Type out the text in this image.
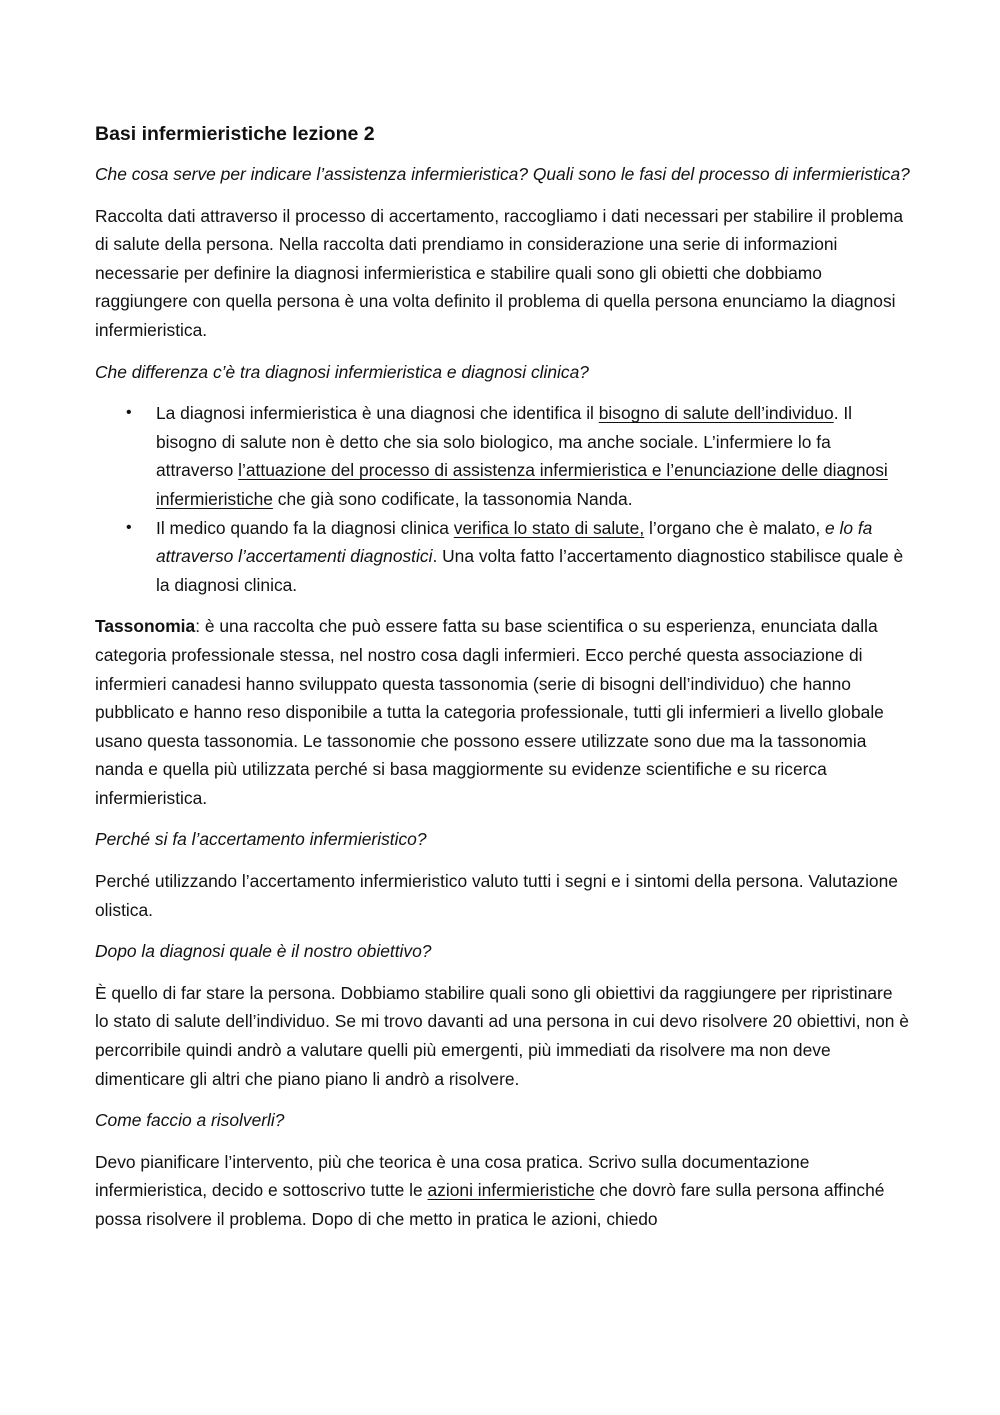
Basi infermieristiche lezione 2

Che cosa serve per indicare l’assistenza infermieristica? Quali sono le fasi del processo di infermieristica?

Raccolta dati attraverso il processo di accertamento, raccogliamo i dati necessari per stabilire il problema di salute della persona. Nella raccolta dati prendiamo in considerazione una serie di informazioni necessarie per definire la diagnosi infermieristica e stabilire quali sono gli obietti che dobbiamo raggiungere con quella persona è una volta definito il problema di quella persona enunciamo la diagnosi infermieristica.

Che differenza c’è tra diagnosi infermieristica e diagnosi clinica?

• La diagnosi infermieristica è una diagnosi che identifica il bisogno di salute dell’individuo. Il bisogno di salute non è detto che sia solo biologico, ma anche sociale. L’infermiere lo fa attraverso l’attuazione del processo di assistenza infermieristica e l’enunciazione delle diagnosi infermieristiche che già sono codificate, la tassonomia Nanda.
• Il medico quando fa la diagnosi clinica verifica lo stato di salute, l’organo che è malato, e lo fa attraverso l’accertamenti diagnostici. Una volta fatto l’accertamento diagnostico stabilisce quale è la diagnosi clinica.

Tassonomia: è una raccolta che può essere fatta su base scientifica o su esperienza, enunciata dalla categoria professionale stessa, nel nostro cosa dagli infermieri. Ecco perché questa associazione di infermieri canadesi hanno sviluppato questa tassonomia (serie di bisogni dell’individuo) che hanno pubblicato e hanno reso disponibile a tutta la categoria professionale, tutti gli infermieri a livello globale usano questa tassonomia. Le tassonomie che possono essere utilizzate sono due ma la tassonomia nanda e quella più utilizzata perché si basa maggiormente su evidenze scientifiche e su ricerca infermieristica.

Perché si fa l’accertamento infermieristico?

Perché utilizzando l’accertamento infermieristico valuto tutti i segni e i sintomi della persona. Valutazione olistica.

Dopo la diagnosi quale è il nostro obiettivo?

È quello di far stare la persona. Dobbiamo stabilire quali sono gli obiettivi da raggiungere per ripristinare lo stato di salute dell’individuo. Se mi trovo davanti ad una persona in cui devo risolvere 20 obiettivi, non è percorribile quindi andrò a valutare quelli più emergenti, più immediati da risolvere ma non deve dimenticare gli altri che piano piano li andrò a risolvere.

Come faccio a risolverli?

Devo pianificare l’intervento, più che teorica è una cosa pratica. Scrivo sulla documentazione infermieristica, decido e sottoscrivo tutte le azioni infermieristiche che dovrò fare sulla persona affinché possa risolvere il problema. Dopo di che metto in pratica le azioni, chiedo
